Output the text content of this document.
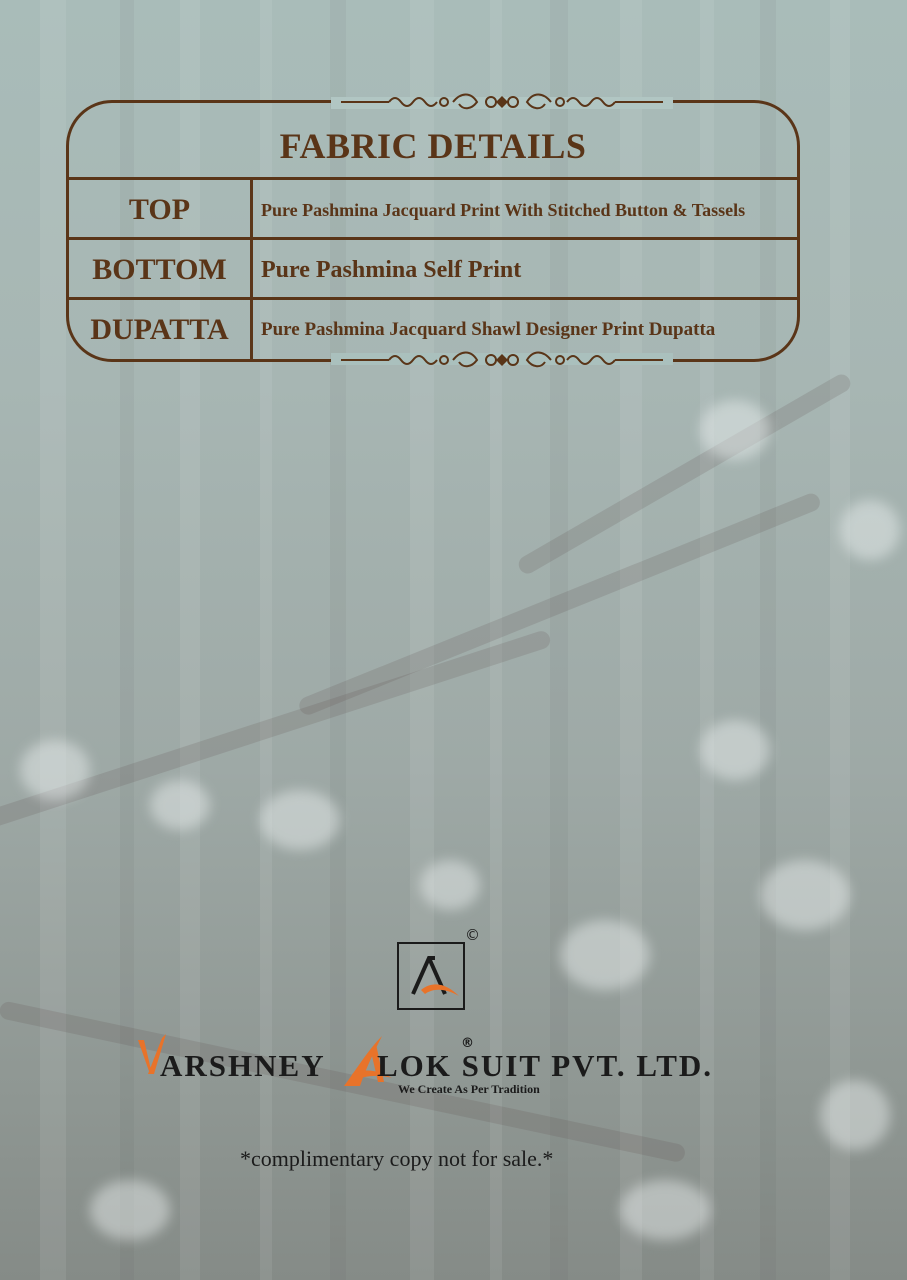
FABRIC DETAILS
TOP	Pure Pashmina Jacquard Print With Stitched Button & Tassels
BOTTOM	Pure Pashmina Self Print
DUPATTA	Pure Pashmina Jacquard Shawl Designer Print Dupatta
©
ARSHNEY LOK SUIT PVT. LTD.
®
We Create As Per Tradition
*complimentary copy not for sale.*
